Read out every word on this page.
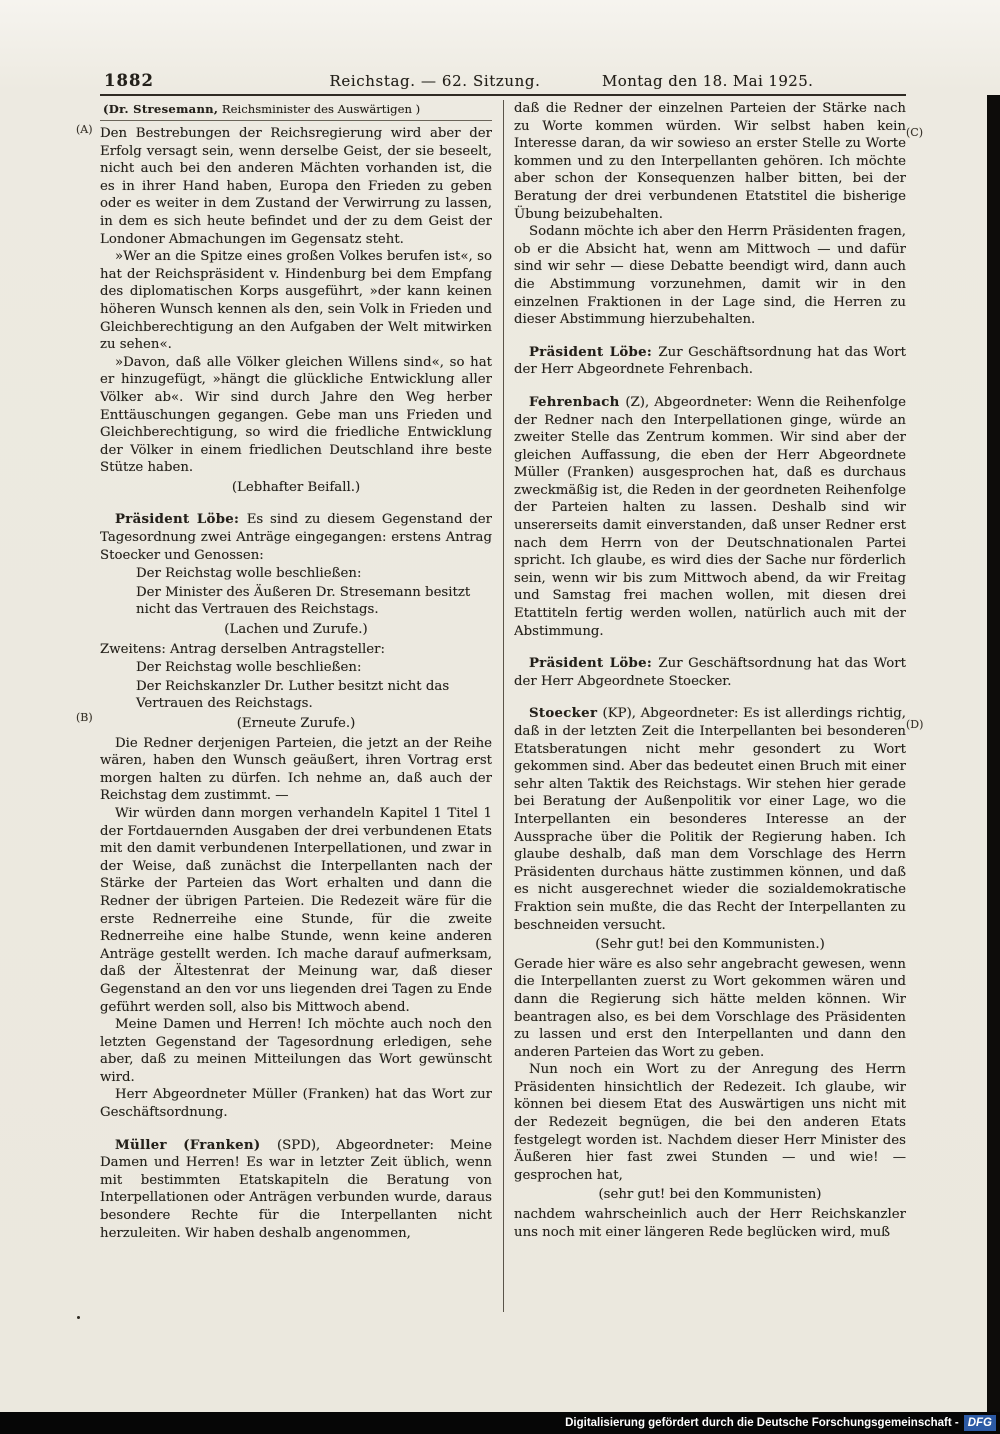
1882	Reichstag. — 62. Sitzung.	Montag den 18. Mai 1925.
(A)
(B)
(C)
(D)
(Dr. Stresemann, Reichsminister des Auswärtigen )

Den Bestrebungen der Reichsregierung wird aber der Erfolg versagt sein, wenn derselbe Geist, der sie beseelt, nicht auch bei den anderen Mächten vorhanden ist, die es in ihrer Hand haben, Europa den Frieden zu geben oder es weiter in dem Zustand der Verwirrung zu lassen, in dem es sich heute befindet und der zu dem Geist der Londoner Abmachungen im Gegensatz steht.

»Wer an die Spitze eines großen Volkes berufen ist«, so hat der Reichspräsident v. Hindenburg bei dem Empfang des diplomatischen Korps ausgeführt, »der kann keinen höheren Wunsch kennen als den, sein Volk in Frieden und Gleichberechtigung an den Aufgaben der Welt mitwirken zu sehen«.

»Davon, daß alle Völker gleichen Willens sind«, so hat er hinzugefügt, »hängt die glückliche Entwicklung aller Völker ab«. Wir sind durch Jahre den Weg herber Enttäuschungen gegangen. Gebe man uns Frieden und Gleichberechtigung, so wird die friedliche Entwicklung der Völker in einem friedlichen Deutschland ihre beste Stütze haben.

(Lebhafter Beifall.)

Präsident Löbe: Es sind zu diesem Gegenstand der Tagesordnung zwei Anträge eingegangen: erstens Antrag Stoecker und Genossen:

Der Reichstag wolle beschließen:

Der Minister des Äußeren Dr. Stresemann besitzt nicht das Vertrauen des Reichstags.

(Lachen und Zurufe.)

Zweitens: Antrag derselben Antragsteller:

Der Reichstag wolle beschließen:

Der Reichskanzler Dr. Luther besitzt nicht das Vertrauen des Reichstags.

(Erneute Zurufe.)

Die Redner derjenigen Parteien, die jetzt an der Reihe wären, haben den Wunsch geäußert, ihren Vortrag erst morgen halten zu dürfen. Ich nehme an, daß auch der Reichstag dem zustimmt. —

Wir würden dann morgen verhandeln Kapitel 1 Titel 1 der Fortdauernden Ausgaben der drei verbundenen Etats mit den damit verbundenen Interpellationen, und zwar in der Weise, daß zunächst die Interpellanten nach der Stärke der Parteien das Wort erhalten und dann die Redner der übrigen Parteien. Die Redezeit wäre für die erste Rednerreihe eine Stunde, für die zweite Rednerreihe eine halbe Stunde, wenn keine anderen Anträge gestellt werden. Ich mache darauf aufmerksam, daß der Ältestenrat der Meinung war, daß dieser Gegenstand an den vor uns liegenden drei Tagen zu Ende geführt werden soll, also bis Mittwoch abend.

Meine Damen und Herren! Ich möchte auch noch den letzten Gegenstand der Tagesordnung erledigen, sehe aber, daß zu meinen Mitteilungen das Wort gewünscht wird.

Herr Abgeordneter Müller (Franken) hat das Wort zur Geschäftsordnung.

Müller (Franken) (SPD), Abgeordneter: Meine Damen und Herren! Es war in letzter Zeit üblich, wenn mit bestimmten Etatskapiteln die Beratung von Interpellationen oder Anträgen verbunden wurde, daraus besondere Rechte für die Interpellanten nicht herzuleiten. Wir haben deshalb angenommen,

daß die Redner der einzelnen Parteien der Stärke nach zu Worte kommen würden. Wir selbst haben kein Interesse daran, da wir sowieso an erster Stelle zu Worte kommen und zu den Interpellanten gehören. Ich möchte aber schon der Konsequenzen halber bitten, bei der Beratung der drei verbundenen Etatstitel die bisherige Übung beizubehalten.

Sodann möchte ich aber den Herrn Präsidenten fragen, ob er die Absicht hat, wenn am Mittwoch — und dafür sind wir sehr — diese Debatte beendigt wird, dann auch die Abstimmung vorzunehmen, damit wir in den einzelnen Fraktionen in der Lage sind, die Herren zu dieser Abstimmung hierzubehalten.

Präsident Löbe: Zur Geschäftsordnung hat das Wort der Herr Abgeordnete Fehrenbach.

Fehrenbach (Z), Abgeordneter: Wenn die Reihenfolge der Redner nach den Interpellationen ginge, würde an zweiter Stelle das Zentrum kommen. Wir sind aber der gleichen Auffassung, die eben der Herr Abgeordnete Müller (Franken) ausgesprochen hat, daß es durchaus zweckmäßig ist, die Reden in der geordneten Reihenfolge der Parteien halten zu lassen. Deshalb sind wir unsererseits damit einverstanden, daß unser Redner erst nach dem Herrn von der Deutschnationalen Partei spricht. Ich glaube, es wird dies der Sache nur förderlich sein, wenn wir bis zum Mittwoch abend, da wir Freitag und Samstag frei machen wollen, mit diesen drei Etattiteln fertig werden wollen, natürlich auch mit der Abstimmung.

Präsident Löbe: Zur Geschäftsordnung hat das Wort der Herr Abgeordnete Stoecker.

Stoecker (KP), Abgeordneter: Es ist allerdings richtig, daß in der letzten Zeit die Interpellanten bei besonderen Etatsberatungen nicht mehr gesondert zu Wort gekommen sind. Aber das bedeutet einen Bruch mit einer sehr alten Taktik des Reichstags. Wir stehen hier gerade bei Beratung der Außenpolitik vor einer Lage, wo die Interpellanten ein besonderes Interesse an der Aussprache über die Politik der Regierung haben. Ich glaube deshalb, daß man dem Vorschlage des Herrn Präsidenten durchaus hätte zustimmen können, und daß es nicht ausgerechnet wieder die sozialdemokratische Fraktion sein mußte, die das Recht der Interpellanten zu beschneiden versucht.

(Sehr gut! bei den Kommunisten.)

Gerade hier wäre es also sehr angebracht gewesen, wenn die Interpellanten zuerst zu Wort gekommen wären und dann die Regierung sich hätte melden können. Wir beantragen also, es bei dem Vorschlage des Präsidenten zu lassen und erst den Interpellanten und dann den anderen Parteien das Wort zu geben.

Nun noch ein Wort zu der Anregung des Herrn Präsidenten hinsichtlich der Redezeit. Ich glaube, wir können bei diesem Etat des Auswärtigen uns nicht mit der Redezeit begnügen, die bei den anderen Etats festgelegt worden ist. Nachdem dieser Herr Minister des Äußeren hier fast zwei Stunden — und wie! — gesprochen hat,

(sehr gut! bei den Kommunisten)

nachdem wahrscheinlich auch der Herr Reichskanzler uns noch mit einer längeren Rede beglücken wird, muß

Digitalisierung gefördert durch die Deutsche Forschungsgemeinschaft - DFG
